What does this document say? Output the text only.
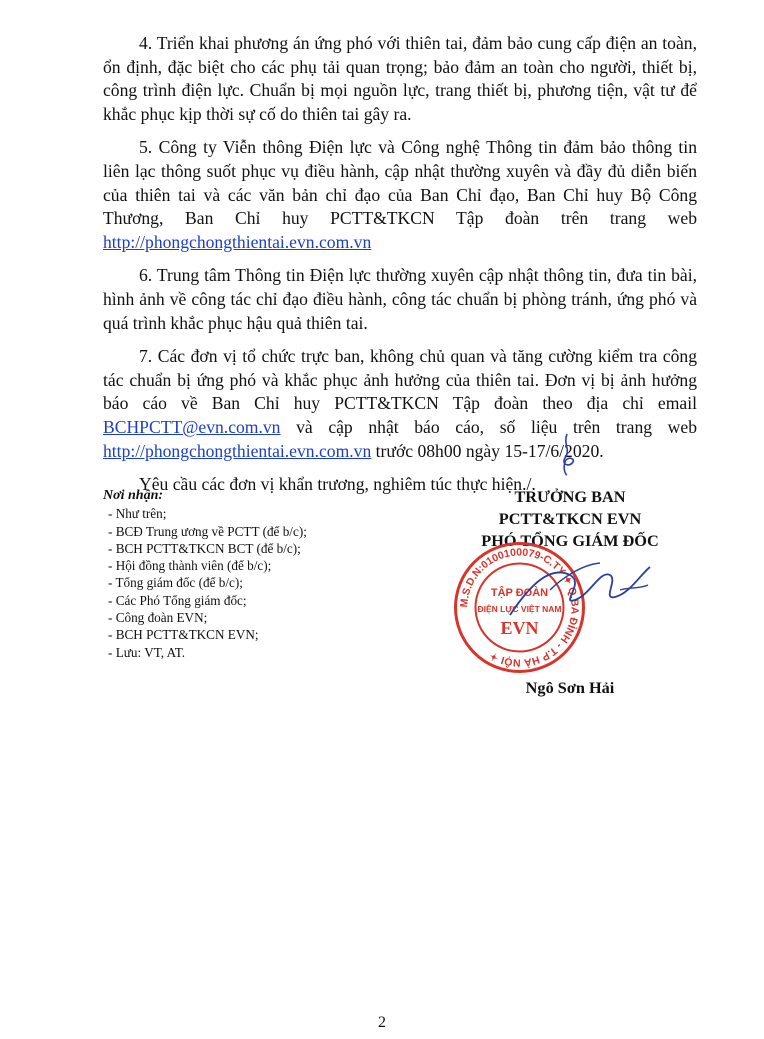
4. Triển khai phương án ứng phó với thiên tai, đảm bảo cung cấp điện an toàn, ổn định, đặc biệt cho các phụ tải quan trọng; bảo đảm an toàn cho người, thiết bị, công trình điện lực. Chuẩn bị mọi nguồn lực, trang thiết bị, phương tiện, vật tư để khắc phục kịp thời sự cố do thiên tai gây ra.

5. Công ty Viễn thông Điện lực và Công nghệ Thông tin đảm bảo thông tin liên lạc thông suốt phục vụ điều hành, cập nhật thường xuyên và đầy đủ diễn biến của thiên tai và các văn bản chỉ đạo của Ban Chỉ đạo, Ban Chỉ huy Bộ Công Thương, Ban Chỉ huy PCTT&TKCN Tập đoàn trên trang web http://phongchongthientai.evn.com.vn

6. Trung tâm Thông tin Điện lực thường xuyên cập nhật thông tin, đưa tin bài, hình ảnh về công tác chỉ đạo điều hành, công tác chuẩn bị phòng tránh, ứng phó và quá trình khắc phục hậu quả thiên tai.

7. Các đơn vị tổ chức trực ban, không chủ quan và tăng cường kiểm tra công tác chuẩn bị ứng phó và khắc phục ảnh hưởng của thiên tai. Đơn vị bị ảnh hưởng báo cáo về Ban Chỉ huy PCTT&TKCN Tập đoàn theo địa chỉ email BCHPCTT@evn.com.vn và cập nhật báo cáo, số liệu trên trang web http://phongchongthientai.evn.com.vn trước 08h00 ngày 15-17/6/2020.

Yêu cầu các đơn vị khẩn trương, nghiêm túc thực hiện./.

Nơi nhận:
- Như trên;
- BCĐ Trung ương về PCTT (để b/c);
- BCH PCTT&TKCN BCT (để b/c);
- Hội đồng thành viên (để b/c);
- Tổng giám đốc (để b/c);
- Các Phó Tổng giám đốc;
- Công đoàn EVN;
- BCH PCTT&TKCN EVN;
- Lưu: VT, AT.
TRƯỞNG BAN
PCTT&TKCN EVN
PHÓ TỔNG GIÁM ĐỐC
M.S.D.N:0100100079-C.TY ✦ Q.BA ĐÌNH - T.P HÀ NỘI ✦
TẬP ĐOÀN
ĐIỆN LỰC VIỆT NAM
EVN
Ngô Sơn Hải
2
